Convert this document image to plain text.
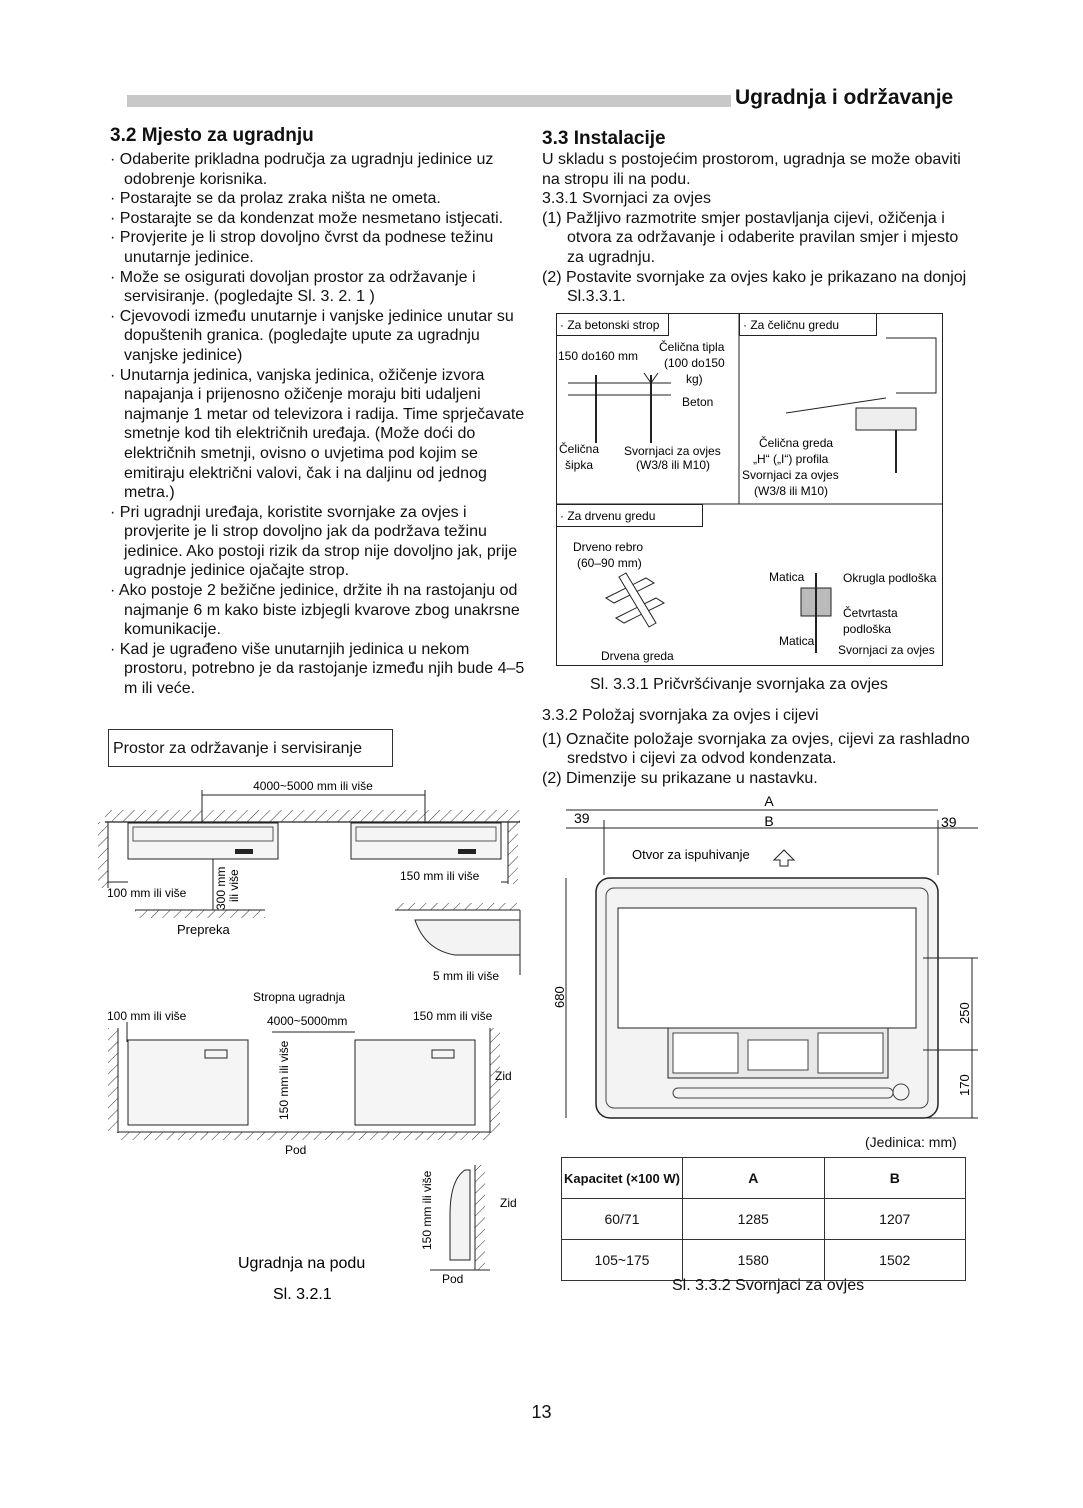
Ugradnja i održavanje
3.2 Mjesto za ugradnju
· Odaberite prikladna područja za ugradnju jedinice uz odobrenje korisnika.
· Postarajte se da prolaz zraka ništa ne ometa.
· Postarajte se da kondenzat može nesmetano istjecati.
· Provjerite je li strop dovoljno čvrst da podnese težinu unutarnje jedinice.
· Može se osigurati dovoljan prostor za održavanje i servisiranje. (pogledajte Sl. 3. 2. 1 )
· Cjevovodi između unutarnje i vanjske jedinice unutar su dopuštenih granica. (pogledajte upute za ugradnju vanjske jedinice)
· Unutarnja jedinica, vanjska jedinica, ožičenje izvora napajanja i prijenosno ožičenje moraju biti udaljeni najmanje 1 metar od televizora i radija. Time sprječavate smetnje kod tih električnih uređaja. (Može doći do električnih smetnji, ovisno o uvjetima pod kojim se emitiraju električni valovi, čak i na daljinu od jednog metra.)
· Pri ugradnji uređaja, koristite svornjake za ovjes i provjerite je li strop dovoljno jak da podržava težinu jedinice. Ako postoji rizik da strop nije dovoljno jak, prije ugradnje jedinice ojačajte strop.
· Ako postoje 2 bežične jedinice, držite ih na rastojanju od najmanje 6 m kako biste izbjegli kvarove zbog unakrsne komunikacije.
· Kad je ugrađeno više unutarnjih jedinica u nekom prostoru, potrebno je da rastojanje između njih bude 4–5 m ili veće.
Prostor za održavanje i servisiranje
4000~5000 mm ili više
100 mm ili više 300 mm ili više	150 mm ili više
Prepreka
5 mm ili više
Stropna ugradnja
100 mm ili više	4000~5000mm	150 mm ili više
150 mm ili više	Zid
Pod
150 mm ili više	Zid
Pod
Ugradnja na podu
Sl. 3.2.1
3.3 Instalacije
U skladu s postojećim prostorom, ugradnja se može obaviti na stropu ili na podu.
3.3.1 Svornjaci za ovjes
(1) Pažljivo razmotrite smjer postavljanja cijevi, ožičenja i otvora za održavanje i odaberite pravilan smjer i mjesto za ugradnju.
(2) Postavite svornjake za ovjes kako je prikazano na donjoj Sl.3.3.1.
· Za betonski strop	· Za čeličnu gredu
150 do160 mm
Čelična tipla
(100 do150
kg)
Beton
Čelična
šipka
Svornjaci za ovjes
(W3/8 ili M10)
Čelična greda
„H“ („I“) profila
Svornjaci za ovjes
(W3/8 ili M10)
· Za drvenu gredu
Drveno rebro
(60–90 mm)
Matica	Okrugla podloška
Četvrtasta
podloška
Matica
Svornjaci za ovjes
Drvena greda
Sl. 3.3.1 Pričvršćivanje svornjaka za ovjes
3.3.2 Položaj svornjaka za ovjes i cijevi
(1) Označite položaje svornjaka za ovjes, cijevi za rashladno sredstvo i cijevi za odvod kondenzata.
(2) Dimenzije su prikazane u nastavku.
A
B
39	39
Otvor za ispuhivanje
680
250
170
(Jedinica: mm)
Kapacitet (×100 W)	A	B
60/71	1285	1207
105~175	1580	1502
Sl. 3.3.2 Svornjaci za ovjes
13
